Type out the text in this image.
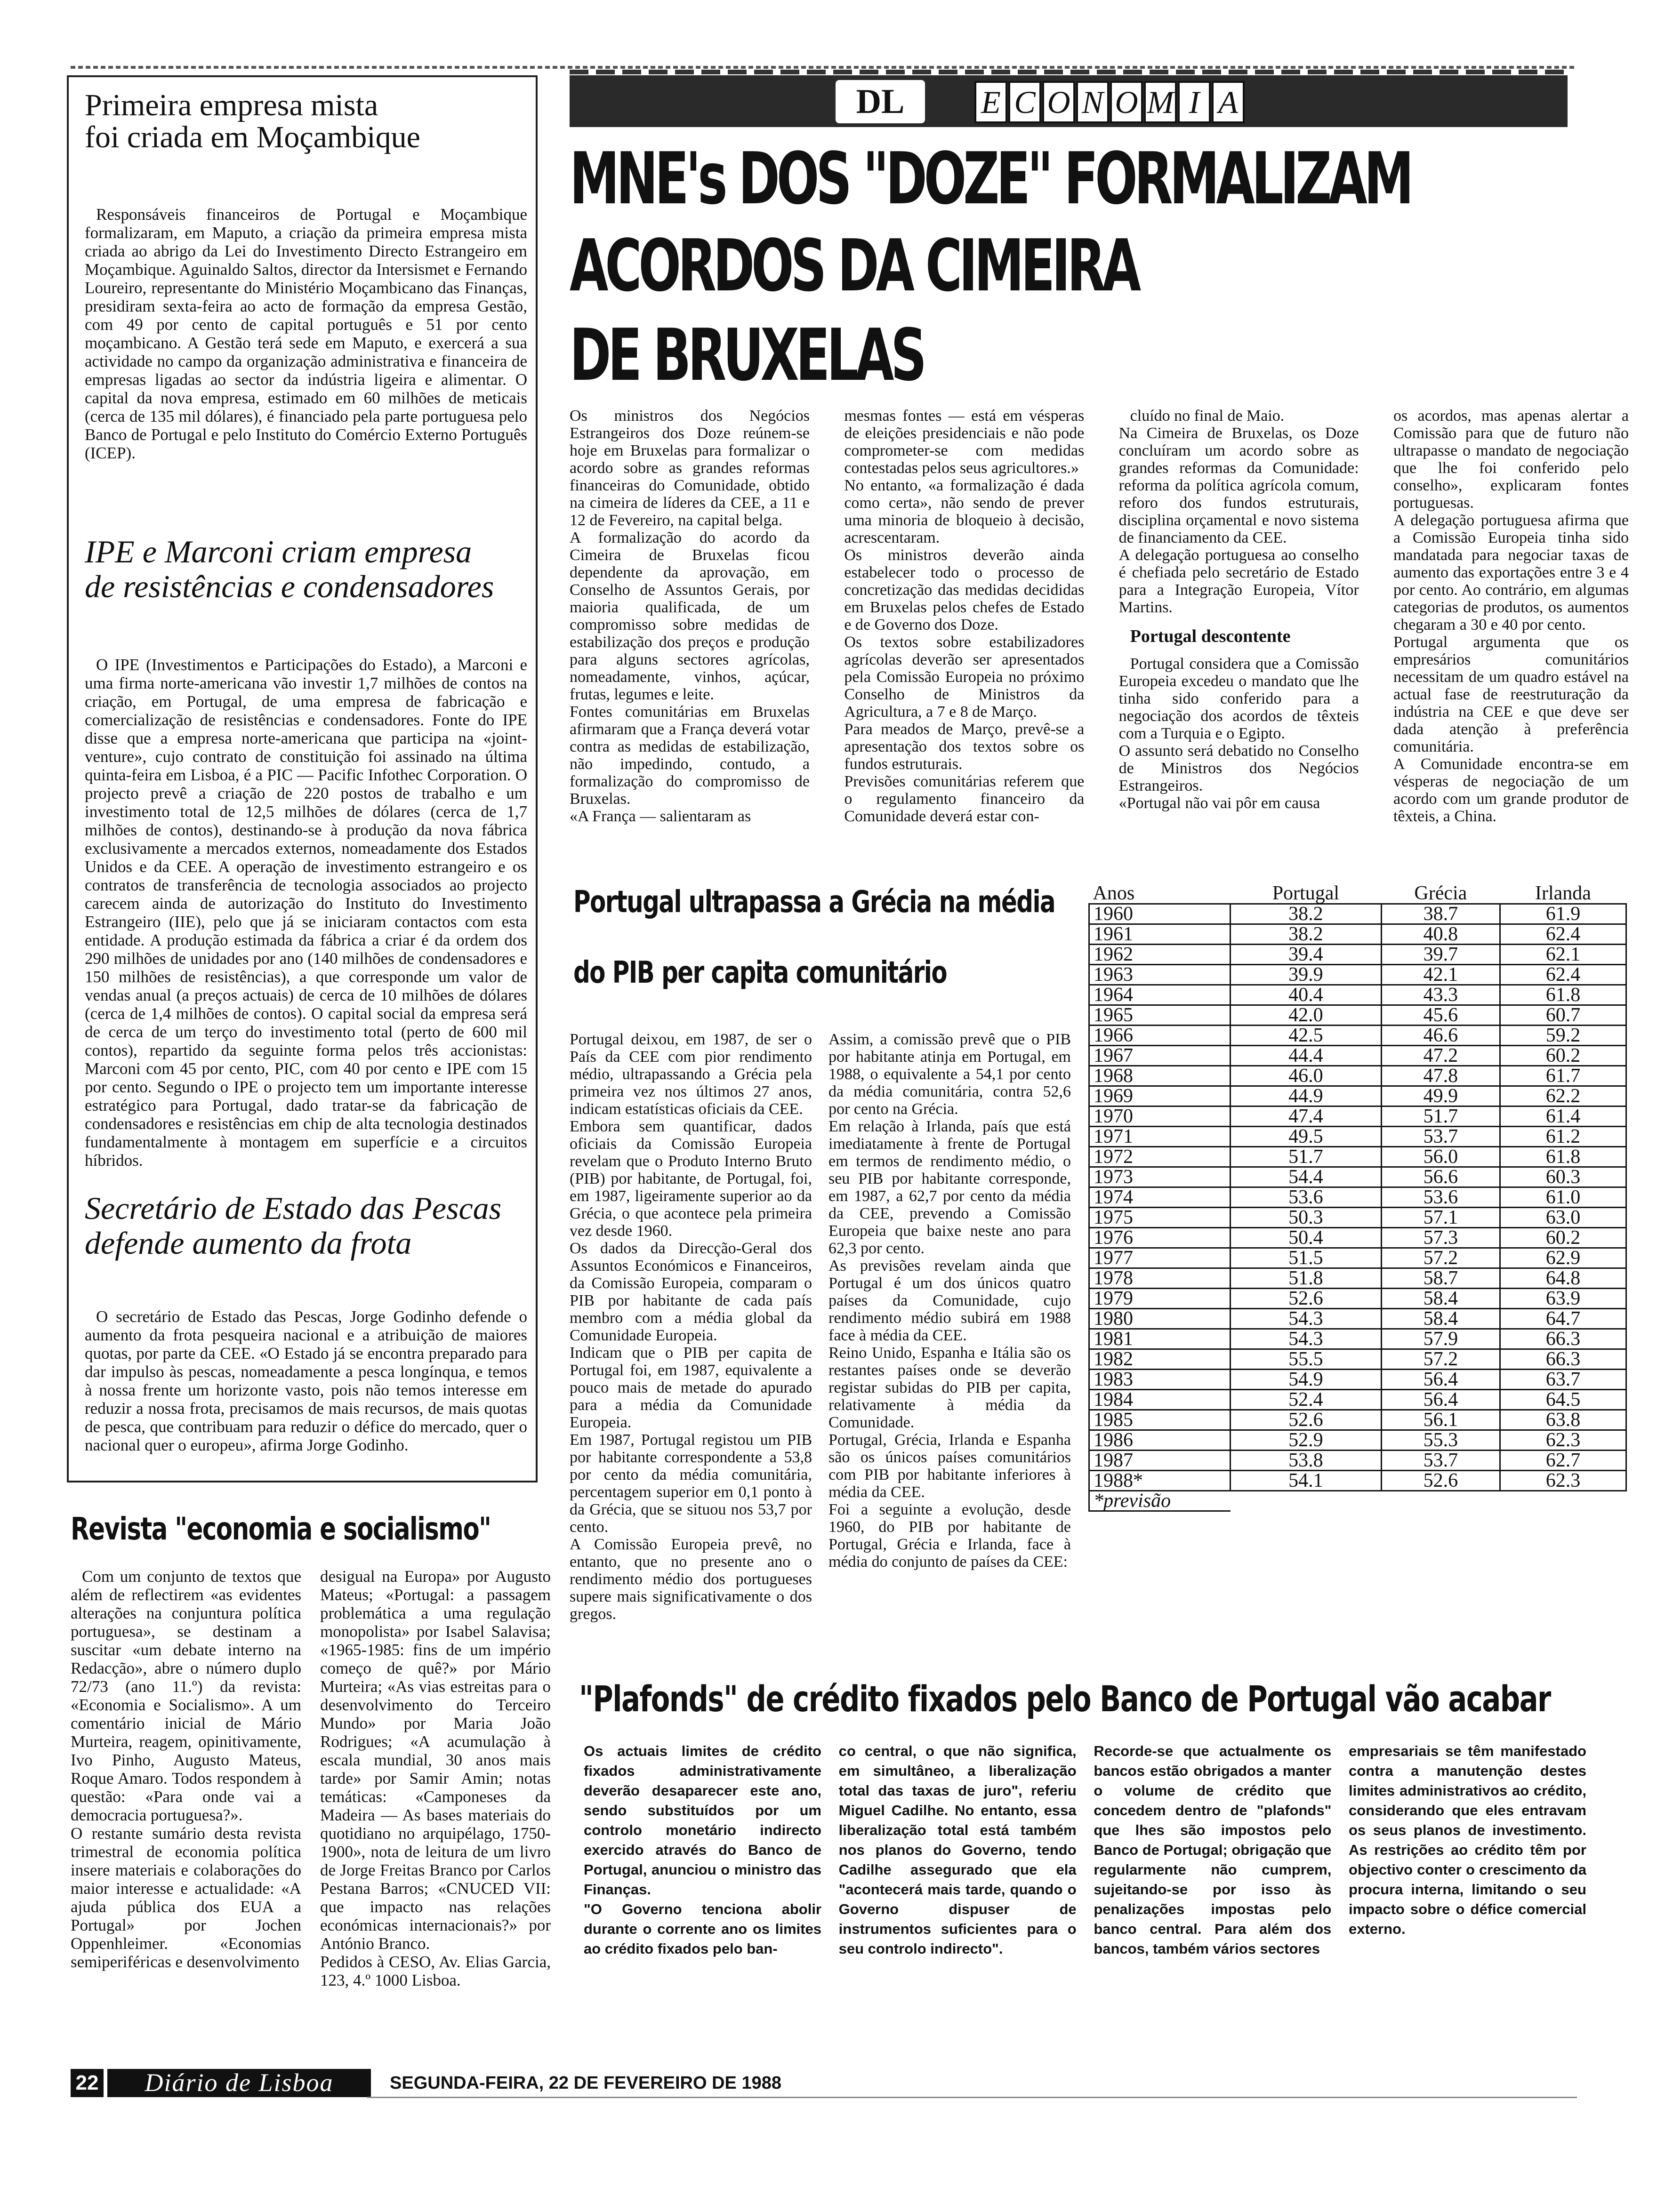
Primeira empresa mista
foi criada em Moçambique

Responsáveis financeiros de Portugal e Moçambique formalizaram, em Maputo, a criação da primeira empresa mista criada ao abrigo da Lei do Investimento Directo Estrangeiro em Moçambique. Aguinaldo Saltos, director da Intersismet e Fernando Loureiro, representante do Ministério Moçambicano das Finanças, presidiram sexta-feira ao acto de formação da empresa Gestão, com 49 por cento de capital português e 51 por cento moçambicano. A Gestão terá sede em Maputo, e exercerá a sua actividade no campo da organização administrativa e financeira de empresas ligadas ao sector da indústria ligeira e alimentar. O capital da nova empresa, estimado em 60 milhões de meticais (cerca de 135 mil dólares), é financiado pela parte portuguesa pelo Banco de Portugal e pelo Instituto do Comércio Externo Português (ICEP).

IPE e Marconi criam empresa
de resistências e condensadores

O IPE (Investimentos e Participações do Estado), a Marconi e uma firma norte-americana vão investir 1,7 milhões de contos na criação, em Portugal, de uma empresa de fabricação e comercialização de resistências e condensadores. Fonte do IPE disse que a empresa norte-americana que participa na «joint-venture», cujo contrato de constituição foi assinado na última quinta-feira em Lisboa, é a PIC — Pacific Infothec Corporation. O projecto prevê a criação de 220 postos de trabalho e um investimento total de 12,5 milhões de dólares (cerca de 1,7 milhões de contos), destinando-se à produção da nova fábrica exclusivamente a mercados externos, nomeadamente dos Estados Unidos e da CEE. A operação de investimento estrangeiro e os contratos de transferência de tecnologia associados ao projecto carecem ainda de autorização do Instituto do Investimento Estrangeiro (IIE), pelo que já se iniciaram contactos com esta entidade. A produção estimada da fábrica a criar é da ordem dos 290 milhões de unidades por ano (140 milhões de condensadores e 150 milhões de resistências), a que corresponde um valor de vendas anual (a preços actuais) de cerca de 10 milhões de dólares (cerca de 1,4 milhões de contos). O capital social da empresa será de cerca de um terço do investimento total (perto de 600 mil contos), repartido da seguinte forma pelos três accionistas: Marconi com 45 por cento, PIC, com 40 por cento e IPE com 15 por cento. Segundo o IPE o projecto tem um importante interesse estratégico para Portugal, dado tratar-se da fabricação de condensadores e resistências em chip de alta tecnologia destinados fundamentalmente à montagem em superfície e a circuitos híbridos.

Secretário de Estado das Pescas
defende aumento da frota

O secretário de Estado das Pescas, Jorge Godinho defende o aumento da frota pesqueira nacional e a atribuição de maiores quotas, por parte da CEE. «O Estado já se encontra preparado para dar impulso às pescas, nomeadamente a pesca longínqua, e temos à nossa frente um horizonte vasto, pois não temos interesse em reduzir a nossa frota, precisamos de mais recursos, de mais quotas de pesca, que contribuam para reduzir o défice do mercado, quer o nacional quer o europeu», afirma Jorge Godinho.

Revista "economia e socialismo"

Com um conjunto de textos que além de reflectirem «as evidentes alterações na conjuntura política portuguesa», se destinam a suscitar «um debate interno na Redacção», abre o número duplo 72/73 (ano 11.º) da revista: «Economia e Socialismo». A um comentário inicial de Mário Murteira, reagem, opinitivamente, Ivo Pinho, Augusto Mateus, Roque Amaro. Todos respondem à questão: «Para onde vai a democracia portuguesa?».
O restante sumário desta revista trimestral de economia política insere materiais e colaborações do maior interesse e actualidade: «A ajuda pública dos EUA a Portugal» por Jochen Oppenhleimer. «Economias semiperiféricas e desenvolvimento

desigual na Europa» por Augusto Mateus; «Portugal: a passagem problemática a uma regulação monopolista» por Isabel Salavisa; «1965-1985: fins de um império começo de quê?» por Mário Murteira; «As vias estreitas para o desenvolvimento do Terceiro Mundo» por Maria João Rodrigues; «A acumulação à escala mundial, 30 anos mais tarde» por Samir Amin; notas temáticas: «Camponeses da Madeira — As bases materiais do quotidiano no arquipélago, 1750-1900», nota de leitura de um livro de Jorge Freitas Branco por Carlos Pestana Barros; «CNUCED VII: que impacto nas relações económicas internacionais?» por António Branco.
Pedidos à CESO, Av. Elias Garcia, 123, 4.º 1000 Lisboa.

DL	E C O N O M I A
MNE's DOS "DOZE" FORMALIZAM
ACORDOS DA CIMEIRA
DE BRUXELAS

Os ministros dos Negócios Estrangeiros dos Doze reúnem-se hoje em Bruxelas para formalizar o acordo sobre as grandes reformas financeiras do Comunidade, obtido na cimeira de líderes da CEE, a 11 e 12 de Fevereiro, na capital belga.
A formalização do acordo da Cimeira de Bruxelas ficou dependente da aprovação, em Conselho de Assuntos Gerais, por maioria qualificada, de um compromisso sobre medidas de estabilização dos preços e produção para alguns sectores agrícolas, nomeadamente, vinhos, açúcar, frutas, legumes e leite.
Fontes comunitárias em Bruxelas afirmaram que a França deverá votar contra as medidas de estabilização, não impedindo, contudo, a formalização do compromisso de Bruxelas.
«A França — salientaram as

mesmas fontes — está em vésperas de eleições presidenciais e não pode comprometer-se com medidas contestadas pelos seus agricultores.»
No entanto, «a formalização é dada como certa», não sendo de prever uma minoria de bloqueio à decisão, acrescentaram.
Os ministros deverão ainda estabelecer todo o processo de concretização das medidas decididas em Bruxelas pelos chefes de Estado e de Governo dos Doze.
Os textos sobre estabilizadores agrícolas deverão ser apresentados pela Comissão Europeia no próximo Conselho de Ministros da Agricultura, a 7 e 8 de Março.
Para meados de Março, prevê-se a apresentação dos textos sobre os fundos estruturais.
Previsões comunitárias referem que o regulamento financeiro da Comunidade deverá estar con-

cluído no final de Maio.
Na Cimeira de Bruxelas, os Doze concluíram um acordo sobre as grandes reformas da Comunidade: reforma da política agrícola comum, reforo dos fundos estruturais, disciplina orçamental e novo sistema de financiamento da CEE.
A delegação portuguesa ao conselho é chefiada pelo secretário de Estado para a Integração Europeia, Vítor Martins.

Portugal descontente

Portugal considera que a Comissão Europeia excedeu o mandato que lhe tinha sido conferido para a negociação dos acordos de têxteis com a Turquia e o Egipto.
O assunto será debatido no Conselho de Ministros dos Negócios Estrangeiros.
«Portugal não vai pôr em causa

os acordos, mas apenas alertar a Comissão para que de futuro não ultrapasse o mandato de negociação que lhe foi conferido pelo conselho», explicaram fontes portuguesas.
A delegação portuguesa afirma que a Comissão Europeia tinha sido mandatada para negociar taxas de aumento das exportações entre 3 e 4 por cento. Ao contrário, em algumas categorias de produtos, os aumentos chegaram a 30 e 40 por cento.
Portugal argumenta que os empresários comunitários necessitam de um quadro estável na actual fase de reestruturação da indústria na CEE e que deve ser dada atenção à preferência comunitária.
A Comunidade encontra-se em vésperas de negociação de um acordo com um grande produtor de têxteis, a China.

Portugal ultrapassa a Grécia na média
do PIB per capita comunitário

Portugal deixou, em 1987, de ser o País da CEE com pior rendimento médio, ultrapassando a Grécia pela primeira vez nos últimos 27 anos, indicam estatísticas oficiais da CEE.
Embora sem quantificar, dados oficiais da Comissão Europeia revelam que o Produto Interno Bruto (PIB) por habitante, de Portugal, foi, em 1987, ligeiramente superior ao da Grécia, o que acontece pela primeira vez desde 1960.
Os dados da Direcção-Geral dos Assuntos Económicos e Financeiros, da Comissão Europeia, comparam o PIB por habitante de cada país membro com a média global da Comunidade Europeia.
Indicam que o PIB per capita de Portugal foi, em 1987, equivalente a pouco mais de metade do apurado para a média da Comunidade Europeia.
Em 1987, Portugal registou um PIB por habitante correspondente a 53,8 por cento da média comunitária, percentagem superior em 0,1 ponto à da Grécia, que se situou nos 53,7 por cento.
A Comissão Europeia prevê, no entanto, que no presente ano o rendimento médio dos portugueses supere mais significativamente o dos gregos.

Assim, a comissão prevê que o PIB por habitante atinja em Portugal, em 1988, o equivalente a 54,1 por cento da média comunitária, contra 52,6 por cento na Grécia.
Em relação à Irlanda, país que está imediatamente à frente de Portugal em termos de rendimento médio, o seu PIB por habitante corresponde, em 1987, a 62,7 por cento da média da CEE, prevendo a Comissão Europeia que baixe neste ano para 62,3 por cento.
As previsões revelam ainda que Portugal é um dos únicos quatro países da Comunidade, cujo rendimento médio subirá em 1988 face à média da CEE.
Reino Unido, Espanha e Itália são os restantes países onde se deverão registar subidas do PIB per capita, relativamente à média da Comunidade.
Portugal, Grécia, Irlanda e Espanha são os únicos países comunitários com PIB por habitante inferiores à média da CEE.
Foi a seguinte a evolução, desde 1960, do PIB por habitante de Portugal, Grécia e Irlanda, face à média do conjunto de países da CEE:

Anos	Portugal	Grécia	Irlanda
1960	38.2	38.7	61.9
1961	38.2	40.8	62.4
1962	39.4	39.7	62.1
1963	39.9	42.1	62.4
1964	40.4	43.3	61.8
1965	42.0	45.6	60.7
1966	42.5	46.6	59.2
1967	44.4	47.2	60.2
1968	46.0	47.8	61.7
1969	44.9	49.9	62.2
1970	47.4	51.7	61.4
1971	49.5	53.7	61.2
1972	51.7	56.0	61.8
1973	54.4	56.6	60.3
1974	53.6	53.6	61.0
1975	50.3	57.1	63.0
1976	50.4	57.3	60.2
1977	51.5	57.2	62.9
1978	51.8	58.7	64.8
1979	52.6	58.4	63.9
1980	54.3	58.4	64.7
1981	54.3	57.9	66.3
1982	55.5	57.2	66.3
1983	54.9	56.4	63.7
1984	52.4	56.4	64.5
1985	52.6	56.1	63.8
1986	52.9	55.3	62.3
1987	53.8	53.7	62.7
1988*	54.1	52.6	62.3
*previsão			
"Plafonds" de crédito fixados pelo Banco de Portugal vão acabar

Os actuais limites de crédito fixados administrativamente deverão desaparecer este ano, sendo substituídos por um controlo monetário indirecto exercido através do Banco de Portugal, anunciou o ministro das Finanças.
"O Governo tenciona abolir durante o corrente ano os limites ao crédito fixados pelo ban-

co central, o que não significa, em simultâneo, a liberalização total das taxas de juro", referiu Miguel Cadilhe. No entanto, essa liberalização total está também nos planos do Governo, tendo Cadilhe assegurado que ela "acontecerá mais tarde, quando o Governo dispuser de instrumentos suficientes para o seu controlo indirecto".

Recorde-se que actualmente os bancos estão obrigados a manter o volume de crédito que concedem dentro de "plafonds" que lhes são impostos pelo Banco de Portugal; obrigação que regularmente não cumprem, sujeitando-se por isso às penalizações impostas pelo banco central. Para além dos bancos, também vários sectores

empresariais se têm manifestado contra a manutenção destes limites administrativos ao crédito, considerando que eles entravam os seus planos de investimento. As restrições ao crédito têm por objectivo conter o crescimento da procura interna, limitando o seu impacto sobre o défice comercial externo.

22	Diário de Lisboa	SEGUNDA-FEIRA, 22 DE FEVEREIRO DE 1988
